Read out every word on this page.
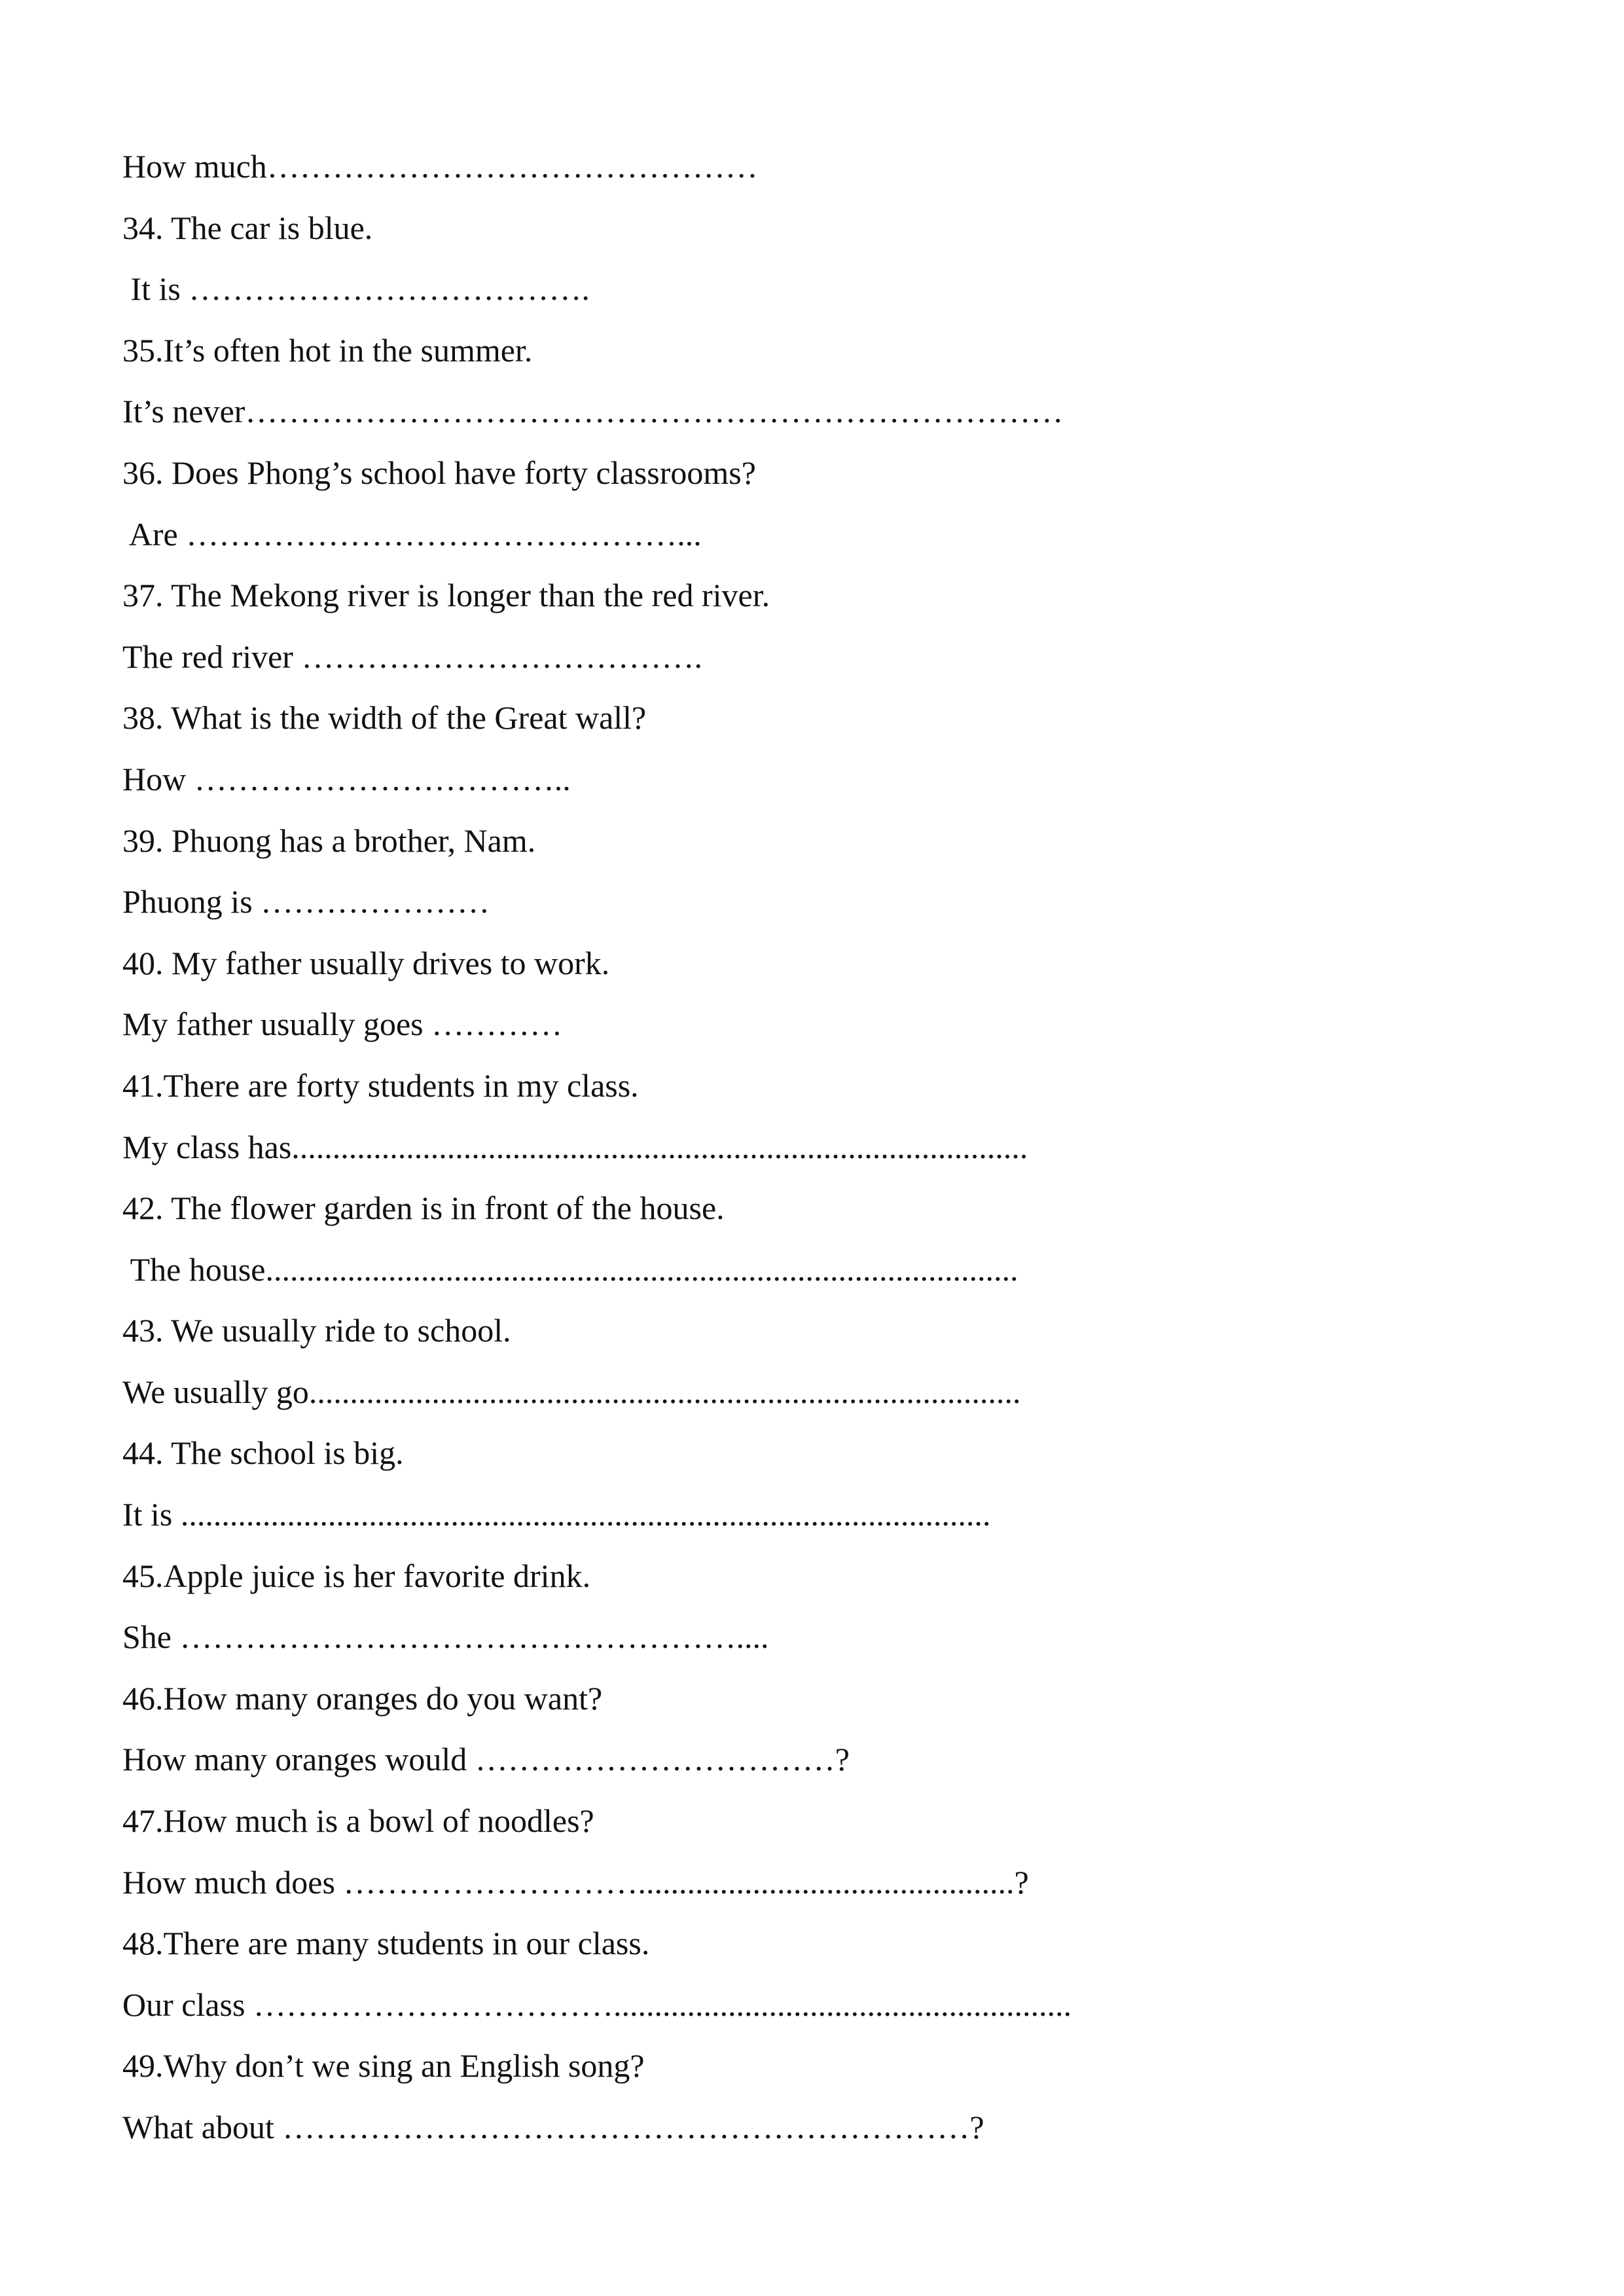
How much………………………………………
34. The car is blue.
It is ……………………………….
35.It’s often hot in the summer.
It’s never…………………………………………………………………
36. Does Phong’s school have forty classrooms?
Are ………………………………………...
37. The Mekong river is longer than the red river.
The red river ……………………………….
38. What is the width of the Great wall?
How ……………………………..
39. Phuong has a brother, Nam.
Phuong is …………………
40. My father usually drives to work.
My father usually goes …………
41.There are forty students in my class.
My class has..........................................................................................
42. The flower garden is in front of the house.
The house............................................................................................
43. We usually ride to school.
We usually go.......................................................................................
44. The school is big.
It is ...................................................................................................
45.Apple juice is her favorite drink.
She ……………………………………………....
46.How many oranges do you want?
How many oranges would ……………………………?
47.How much is a bowl of noodles?
How much does ………………………..............................................?
48.There are many students in our class.
Our class ……………………………........................................................
49.Why don’t we sing an English song?
What about ………………………………………………………?
